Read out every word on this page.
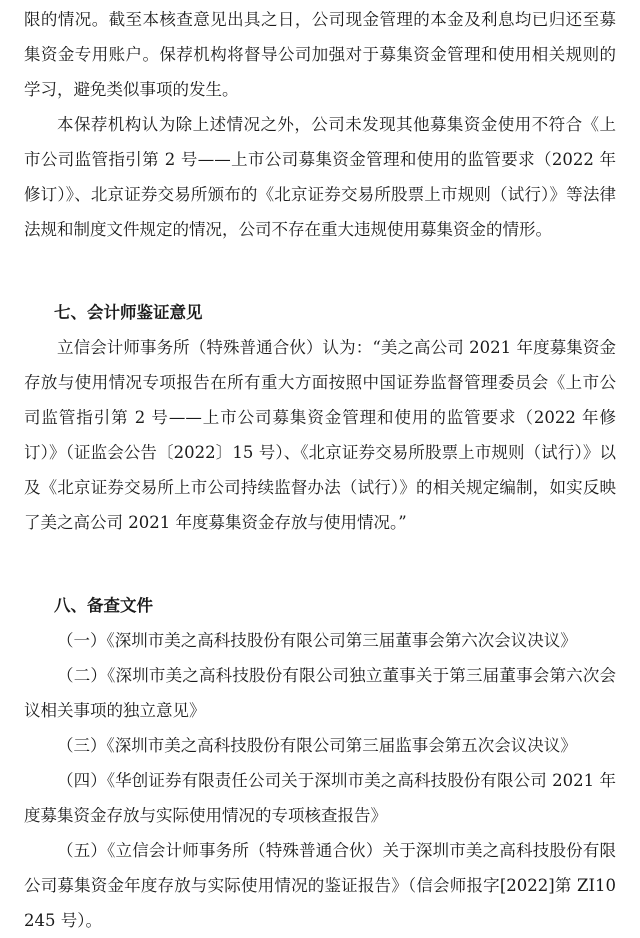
限的情况。截至本核查意见出具之日，公司现金管理的本金及利息均已归还至募集资金专用账户。保荐机构将督导公司加强对于募集资金管理和使用相关规则的学习，避免类似事项的发生。

本保荐机构认为除上述情况之外，公司未发现其他募集资金使用不符合《上市公司监管指引第 2 号——上市公司募集资金管理和使用的监管要求（2022 年修订）》、北京证券交易所颁布的《北京证券交易所股票上市规则（试行）》等法律法规和制度文件规定的情况，公司不存在重大违规使用募集资金的情形。

七、会计师鉴证意见

立信会计师事务所（特殊普通合伙）认为：“美之高公司 2021 年度募集资金存放与使用情况专项报告在所有重大方面按照中国证券监督管理委员会《上市公司监管指引第 2 号——上市公司募集资金管理和使用的监管要求（2022 年修订）》（证监会公告〔2022〕15 号）、《北京证券交易所股票上市规则（试行）》以及《北京证券交易所上市公司持续监督办法（试行）》的相关规定编制，如实反映了美之高公司 2021 年度募集资金存放与使用情况。”

八、备查文件

（一）《深圳市美之高科技股份有限公司第三届董事会第六次会议决议》

（二）《深圳市美之高科技股份有限公司独立董事关于第三届董事会第六次会议相关事项的独立意见》

（三）《深圳市美之高科技股份有限公司第三届监事会第五次会议决议》

（四）《华创证券有限责任公司关于深圳市美之高科技股份有限公司 2021 年度募集资金存放与实际使用情况的专项核查报告》

（五）《立信会计师事务所（特殊普通合伙）关于深圳市美之高科技股份有限公司募集资金年度存放与实际使用情况的鉴证报告》（信会师报字[2022]第 ZI10245 号）。
